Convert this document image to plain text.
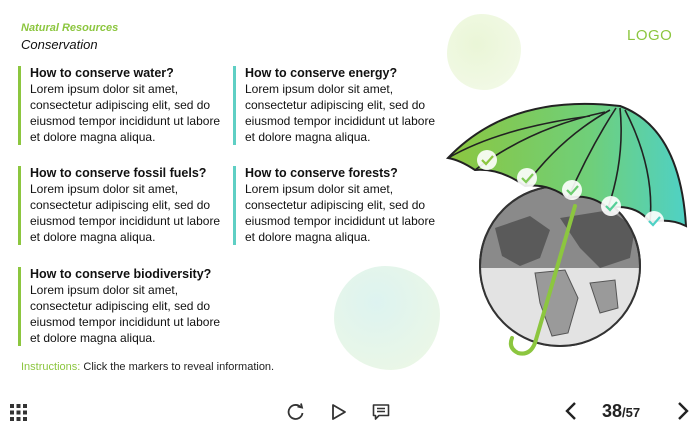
Natural Resources
Conservation
LOGO
How to conserve water?

Lorem ipsum dolor sit amet, consectetur adipiscing elit, sed do eiusmod tempor incididunt ut labore et dolore magna aliqua.

How to conserve energy?

Lorem ipsum dolor sit amet, consectetur adipiscing elit, sed do eiusmod tempor incididunt ut labore et dolore magna aliqua.

How to conserve fossil fuels?

Lorem ipsum dolor sit amet, consectetur adipiscing elit, sed do eiusmod tempor incididunt ut labore et dolore magna aliqua.

How to conserve forests?

Lorem ipsum dolor sit amet, consectetur adipiscing elit, sed do eiusmod tempor incididunt ut labore et dolore magna aliqua.

How to conserve biodiversity?

Lorem ipsum dolor sit amet, consectetur adipiscing elit, sed do eiusmod tempor incididunt ut labore et dolore magna aliqua.

Instructions: Click the markers to reveal information.
38/57
